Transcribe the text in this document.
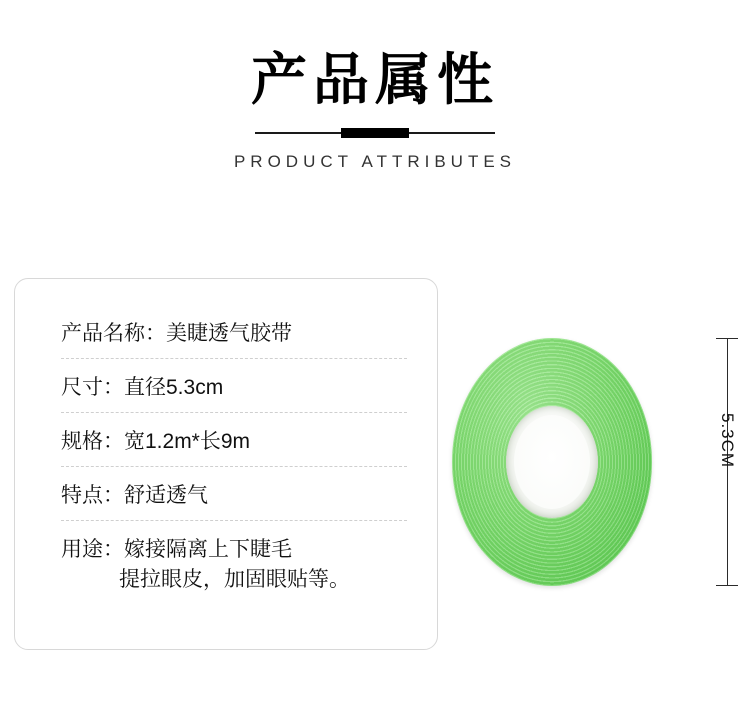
产品属性
PRODUCT ATTRIBUTES
产品名称：美睫透气胶带
尺寸：直径5.3cm
规格：宽1.2m*长9m
特点：舒适透气
用途：嫁接隔离上下睫毛
提拉眼皮，加固眼贴等。
5.3CM
